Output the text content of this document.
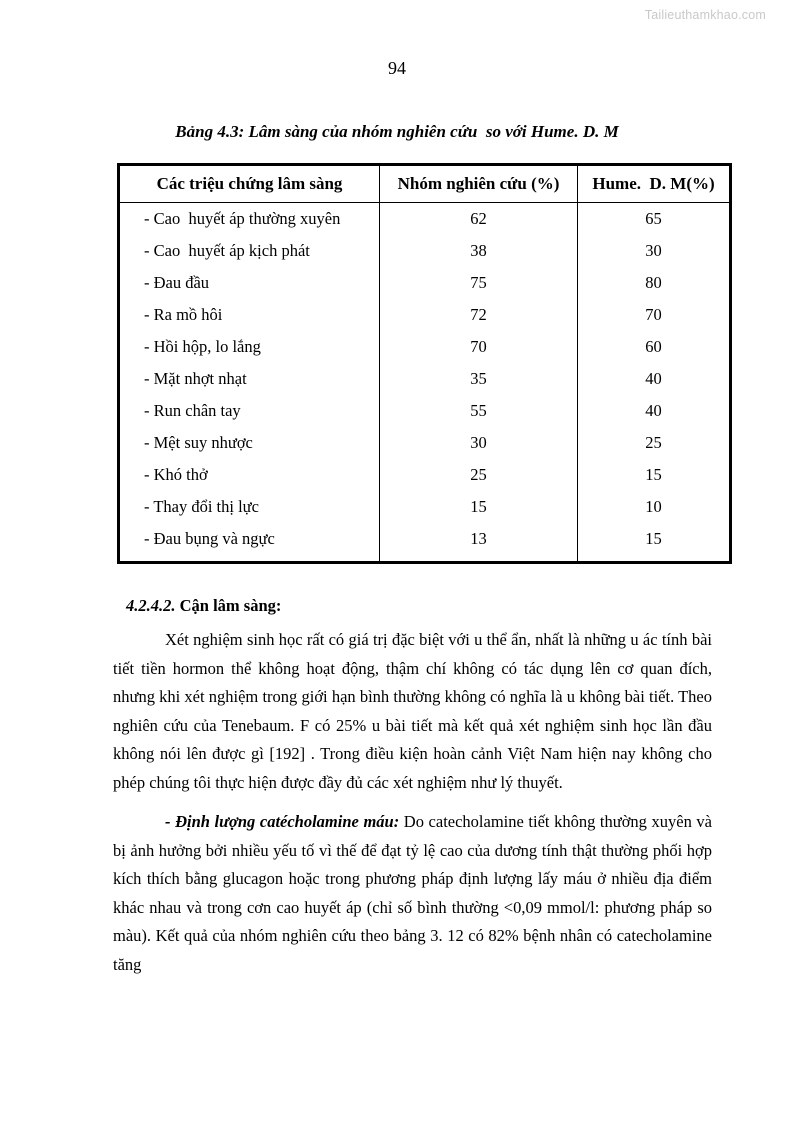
Tailieuthamkhao.com
94
Bảng 4.3: Lâm sàng của nhóm nghiên cứu  so với Hume. D. M
Các triệu chứng lâm sàng	Nhóm nghiên cứu (%)	Hume.  D. M(%)
- Cao  huyết áp thường xuyên	62	65
- Cao  huyết áp kịch phát	38	30
- Đau đầu	75	80
- Ra mồ hôi	72	70
- Hồi hộp, lo lắng	70	60
- Mặt nhợt nhạt	35	40
- Run chân tay	55	40
- Mệt suy nhược	30	25
- Khó thở	25	15
- Thay đổi thị lực	15	10
- Đau bụng và ngực	13	15
4.2.4.2. Cận lâm sàng:

Xét nghiệm sinh học rất có giá trị đặc biệt với u thể ẩn, nhất là những u ác tính bài tiết tiền hormon thể không hoạt động, thậm chí không có tác dụng lên cơ quan đích, nhưng khi xét nghiệm trong giới hạn bình thường không có nghĩa là u không bài tiết. Theo nghiên cứu của Tenebaum. F có 25% u bài tiết mà kết quả xét nghiệm sinh học lần đầu không nói lên được gì [192] . Trong điều kiện hoàn cảnh Việt Nam hiện nay không cho phép chúng tôi thực hiện được đầy đủ các xét nghiệm như lý thuyết.

- Định lượng catécholamine máu: Do catecholamine tiết không thường xuyên và bị ảnh hưởng bởi nhiều yếu tố vì thế để đạt tỷ lệ cao của dương tính thật thường phối hợp kích thích bằng glucagon hoặc trong phương pháp định lượng lấy máu ở nhiều địa điểm khác nhau và trong cơn cao huyết áp (chỉ số bình thường <0,09 mmol/l: phương pháp so màu). Kết quả của nhóm nghiên cứu theo bảng 3. 12 có 82% bệnh nhân có catecholamine tăng
